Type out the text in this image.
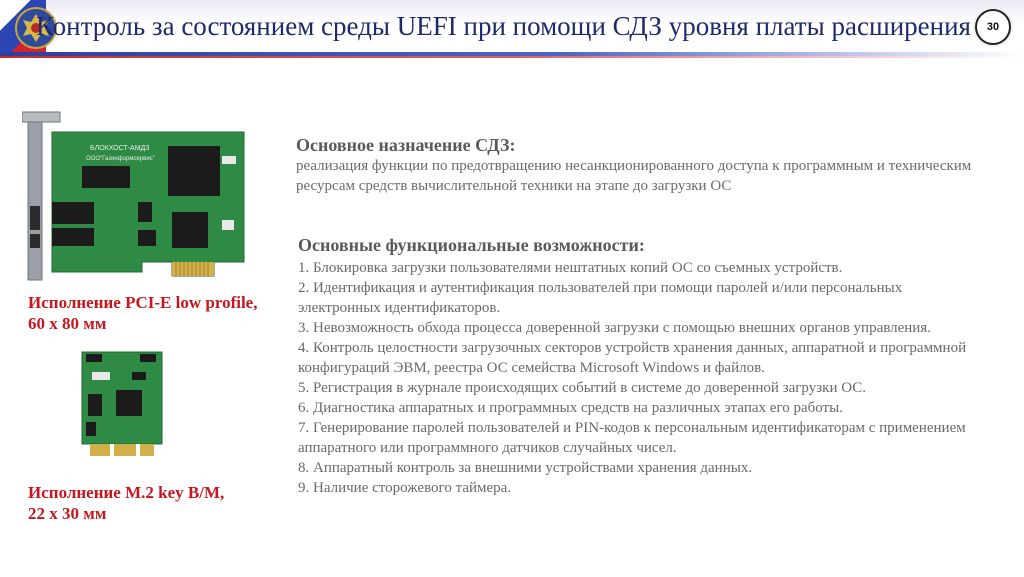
Контроль за состоянием среды UEFI при помощи СДЗ уровня платы расширения	30
БЛОКХОСТ-АМДЗ
ООО"Газинформсервис"
Исполнение PCI-E low profile,
60 х 80 мм
Исполнение М.2 key B/M,
22 х 30 мм
Основное назначение СДЗ:
реализация функции по предотвращению несанкционированного доступа к программным и техническим ресурсам средств вычислительной техники на этапе до загрузки ОС
Основные функциональные возможности:
1. Блокировка загрузки пользователями нештатных копий ОС со съемных устройств.
2. Идентификация и аутентификация пользователей при помощи паролей и/или персональных электронных идентификаторов.
3. Невозможность обхода процесса доверенной загрузки с помощью внешних органов управления.
4. Контроль целостности загрузочных секторов устройств хранения данных, аппаратной и программной конфигураций ЭВМ, реестра ОС семейства Microsoft Windows и файлов.
5. Регистрация в журнале происходящих событий в системе до доверенной загрузки ОС.
6. Диагностика аппаратных и программных средств на различных этапах его работы.
7. Генерирование паролей пользователей и PIN-кодов к персональным идентификаторам с применением аппаратного или программного датчиков случайных чисел.
8. Аппаратный контроль за внешними устройствами хранения данных.
9. Наличие сторожевого таймера.
